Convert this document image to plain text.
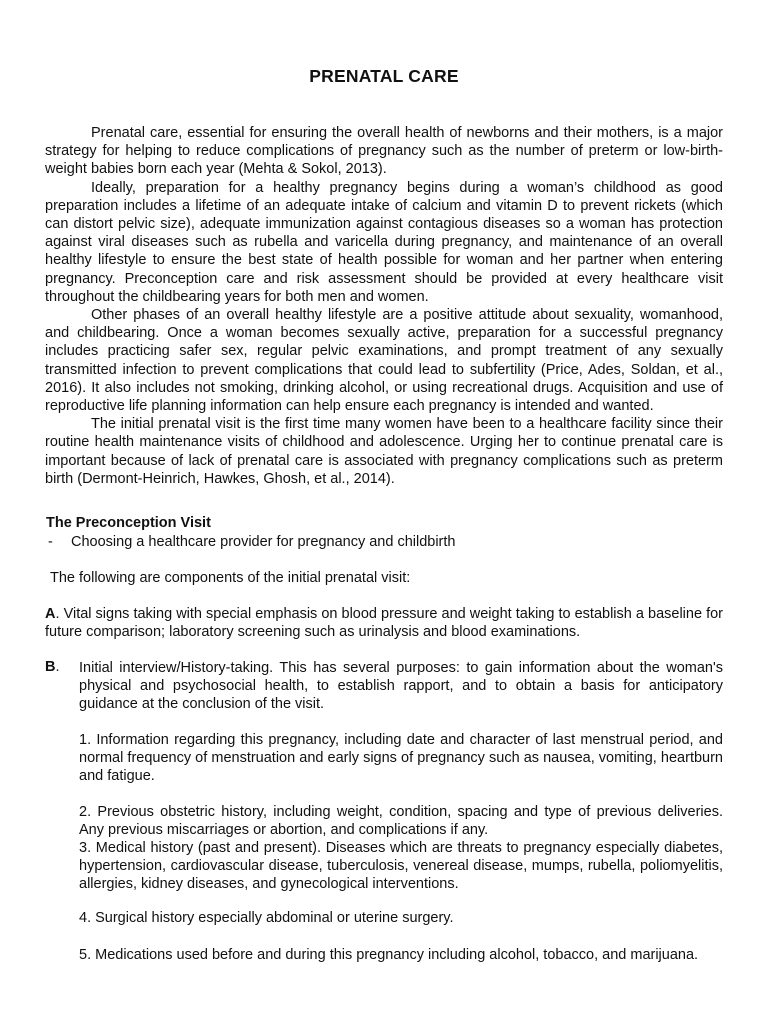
PRENATAL CARE

Prenatal care, essential for ensuring the overall health of newborns and their mothers, is a major strategy for helping to reduce complications of pregnancy such as the number of preterm or low-birth-weight babies born each year (Mehta & Sokol, 2013).

Ideally, preparation for a healthy pregnancy begins during a woman’s childhood as good preparation includes a lifetime of an adequate intake of calcium and vitamin D to prevent rickets (which can distort pelvic size), adequate immunization against contagious diseases so a woman has protection against viral diseases such as rubella and varicella during pregnancy, and maintenance of an overall healthy lifestyle to ensure the best state of health possible for woman and her partner when entering pregnancy. Preconception care and risk assessment should be provided at every healthcare visit throughout the childbearing years for both men and women.

Other phases of an overall healthy lifestyle are a positive attitude about sexuality, womanhood, and childbearing. Once a woman becomes sexually active, preparation for a successful pregnancy includes practicing safer sex, regular pelvic examinations, and prompt treatment of any sexually transmitted infection to prevent complications that could lead to subfertility (Price, Ades, Soldan, et al., 2016). It also includes not smoking, drinking alcohol, or using recreational drugs. Acquisition and use of reproductive life planning information can help ensure each pregnancy is intended and wanted.

The initial prenatal visit is the first time many women have been to a healthcare facility since their routine health maintenance visits of childhood and adolescence. Urging her to continue prenatal care is important because of lack of prenatal care is associated with pregnancy complications such as preterm birth (Dermont-Heinrich, Hawkes, Ghosh, et al., 2014).

The Preconception Visit
- Choosing a healthcare provider for pregnancy and childbirth
The following are components of the initial prenatal visit:
A. Vital signs taking with special emphasis on blood pressure and weight taking to establish a baseline for future comparison; laboratory screening such as urinalysis and blood examinations.
B. Initial interview/History-taking. This has several purposes: to gain information about the woman's physical and psychosocial health, to establish rapport, and to obtain a basis for anticipatory guidance at the conclusion of the visit.
1. Information regarding this pregnancy, including date and character of last menstrual period, and normal frequency of menstruation and early signs of pregnancy such as nausea, vomiting, heartburn and fatigue.
2. Previous obstetric history, including weight, condition, spacing and type of previous deliveries. Any previous miscarriages or abortion, and complications if any.
3. Medical history (past and present). Diseases which are threats to pregnancy especially diabetes, hypertension, cardiovascular disease, tuberculosis, venereal disease, mumps, rubella, poliomyelitis, allergies, kidney diseases, and gynecological interventions.
4. Surgical history especially abdominal or uterine surgery.
5. Medications used before and during this pregnancy including alcohol, tobacco, and marijuana.
